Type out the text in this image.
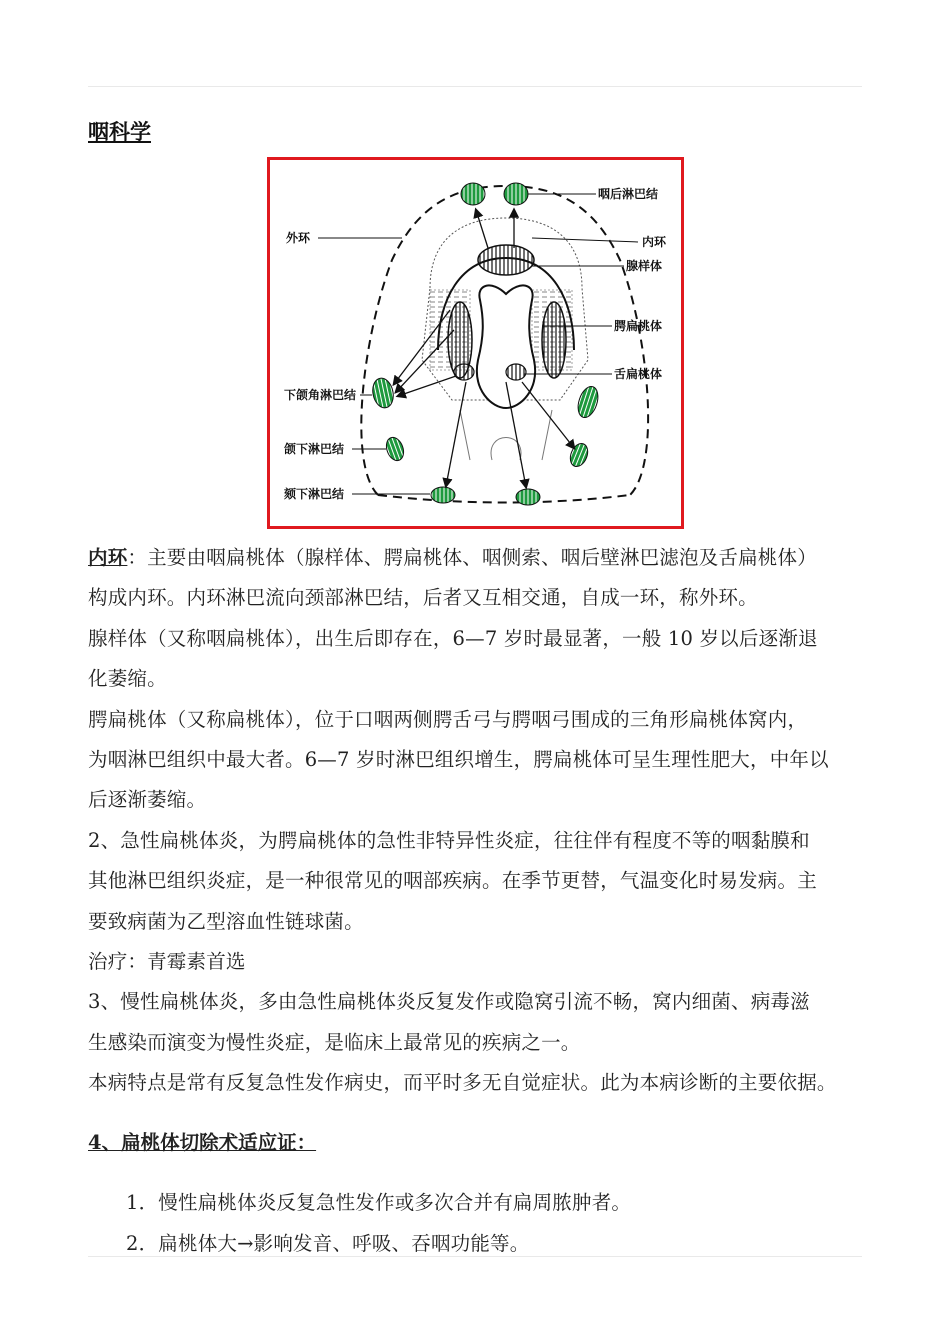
咽科学
咽后淋巴结
外环	内环
腺样体
腭扁桃体
舌扁桃体
下颌角淋巴结
颌下淋巴结
颏下淋巴结

内环：主要由咽扁桃体（腺样体、腭扁桃体、咽侧索、咽后壁淋巴滤泡及舌扁桃体）

构成内环。内环淋巴流向颈部淋巴结，后者又互相交通，自成一环，称外环。

腺样体（又称咽扁桃体），出生后即存在，6—7 岁时最显著，一般 10 岁以后逐渐退

化萎缩。

腭扁桃体（又称扁桃体），位于口咽两侧腭舌弓与腭咽弓围成的三角形扁桃体窝内，

为咽淋巴组织中最大者。6—7 岁时淋巴组织增生，腭扁桃体可呈生理性肥大，中年以

后逐渐萎缩。

2、急性扁桃体炎，为腭扁桃体的急性非特异性炎症，往往伴有程度不等的咽黏膜和

其他淋巴组织炎症，是一种很常见的咽部疾病。在季节更替，气温变化时易发病。主

要致病菌为乙型溶血性链球菌。

治疗：青霉素首选

3、慢性扁桃体炎，多由急性扁桃体炎反复发作或隐窝引流不畅，窝内细菌、病毒滋

生感染而演变为慢性炎症，是临床上最常见的疾病之一。

本病特点是常有反复急性发作病史，而平时多无自觉症状。此为本病诊断的主要依据。

4、扁桃体切除术适应证：

1．慢性扁桃体炎反复急性发作或多次合并有扁周脓肿者。

2．扁桃体大→影响发音、呼吸、吞咽功能等。
